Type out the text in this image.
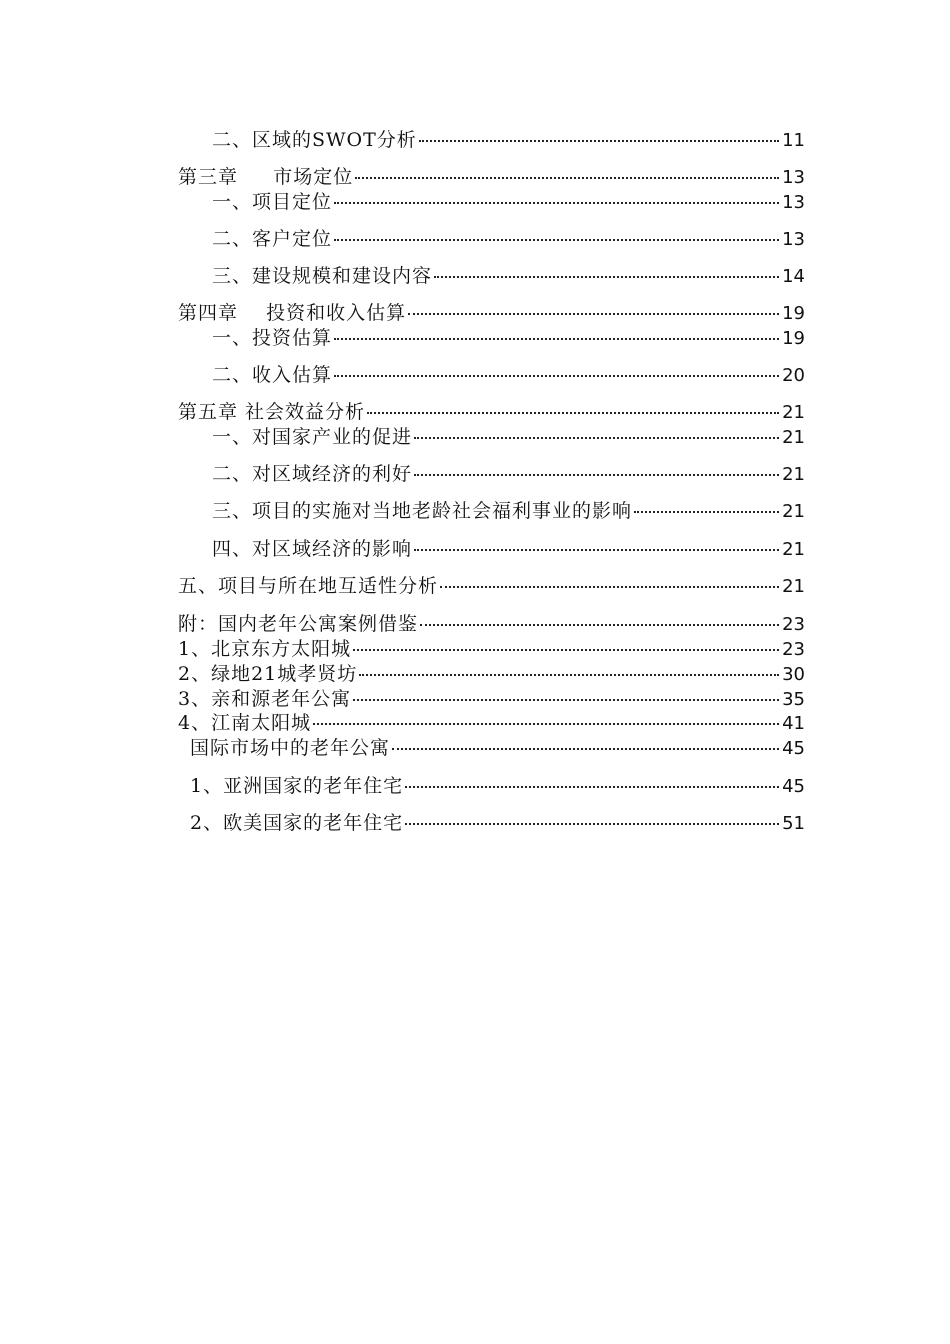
二、区域的SWOT分析	11
第三章     市场定位	13
一、项目定位	13
二、客户定位	13
三、建设规模和建设内容	14
第四章    投资和收入估算	19
一、投资估算	19
二、收入估算	20
第五章 社会效益分析	21
一、对国家产业的促进	21
二、对区域经济的利好	21
三、项目的实施对当地老龄社会福利事业的影响	21
四、对区域经济的影响	21
五、项目与所在地互适性分析	21
附：国内老年公寓案例借鉴	23
1、北京东方太阳城	23
2、绿地21城孝贤坊	30
3、亲和源老年公寓	35
4、江南太阳城	41
国际市场中的老年公寓	45
1、亚洲国家的老年住宅	45
2、欧美国家的老年住宅	51
